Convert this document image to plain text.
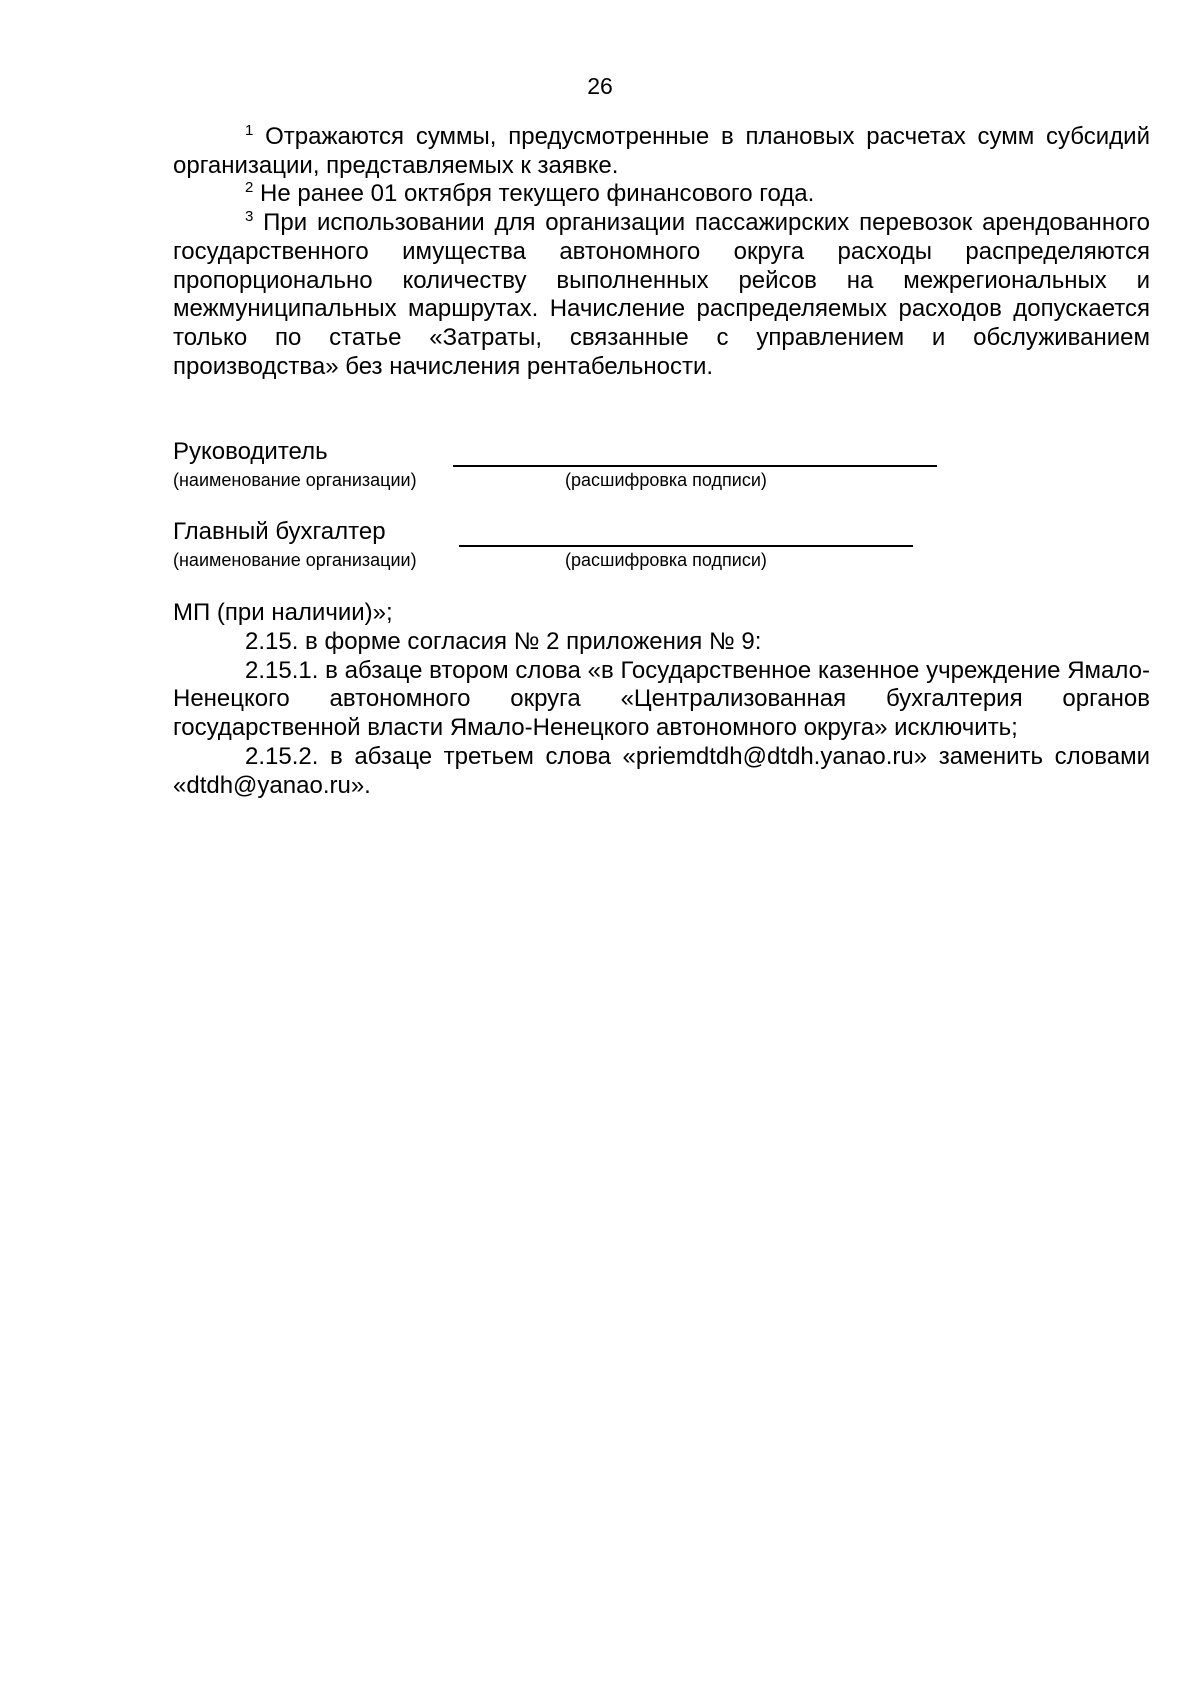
26

$^1$ Отражаются суммы, предусмотренные в плановых расчетах сумм субсидий организации, представляемых к заявке.

$^2$ Не ранее 01 октября текущего финансового года.

$^3$ При использовании для организации пассажирских перевозок арендованного государственного имущества автономного округа расходы распределяются пропорционально количеству выполненных рейсов на межрегиональных и межмуниципальных маршрутах. Начисление распределяемых расходов допускается только по статье «Затраты, связанные с управлением и обслуживанием производства» без начисления рентабельности.

Руководитель
(наименование организации)	(расшифровка подписи)
Главный бухгалтер
(наименование организации)	(расшифровка подписи)

МП (при наличии)»;

2.15. в форме согласия № 2 приложения № 9:

2.15.1. в абзаце втором слова «в Государственное казенное учреждение Ямало-Ненецкого автономного округа «Централизованная бухгалтерия органов государственной власти Ямало-Ненецкого автономного округа» исключить;

2.15.2. в абзаце третьем слова «priemdtdh@dtdh.yanao.ru» заменить словами «dtdh@yanao.ru».
